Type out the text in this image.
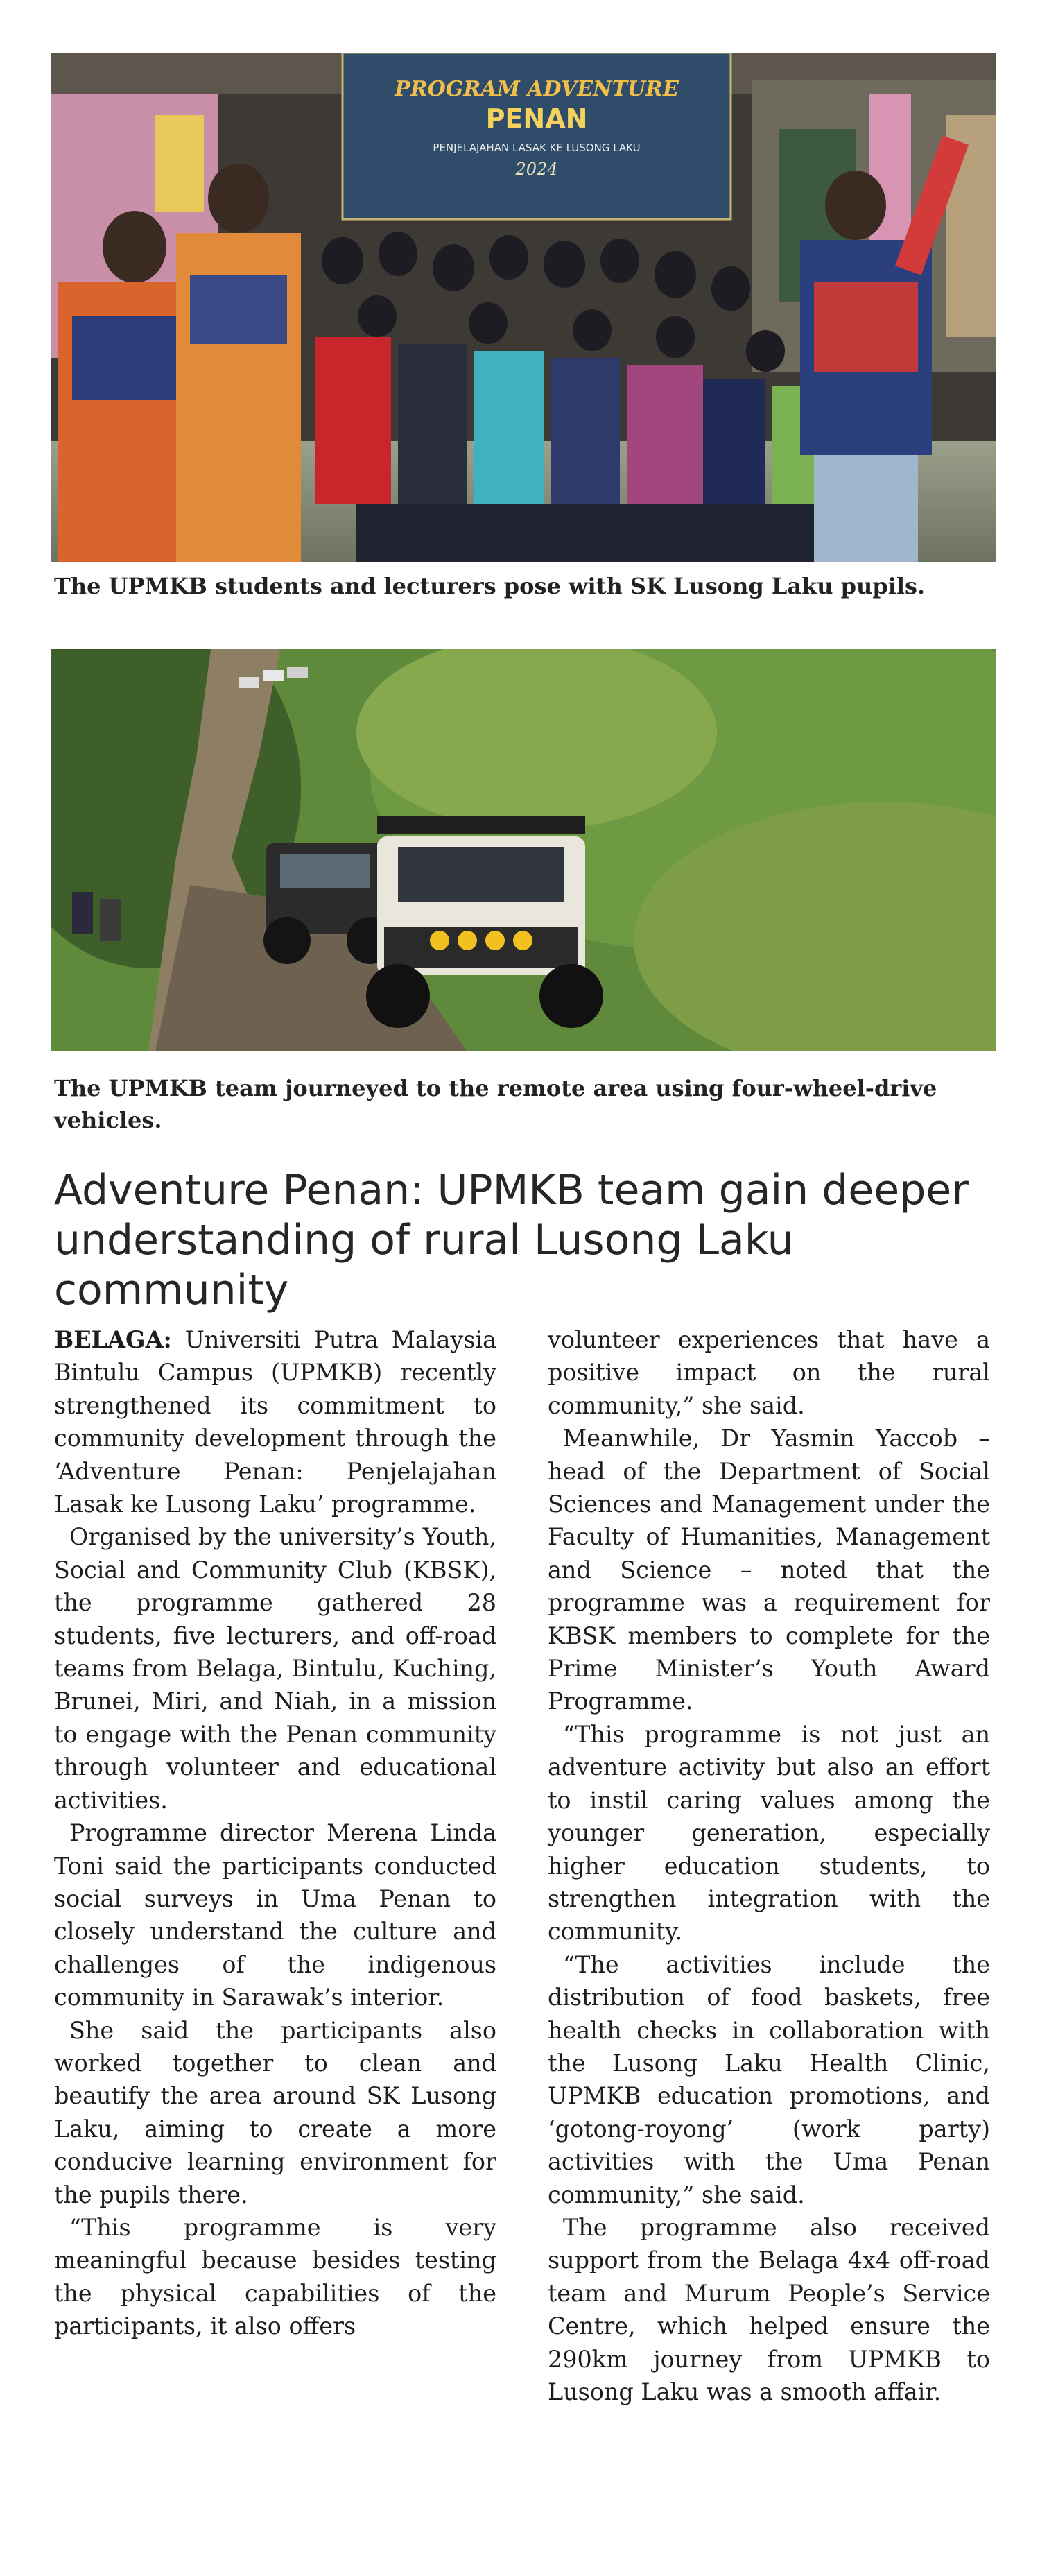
PROGRAM ADVENTURE
PENAN
PENJELAJAHAN LASAK KE LUSONG LAKU
2024

The UPMKB students and lecturers pose with SK Lusong Laku pupils.

The UPMKB team journeyed to the remote area using four-wheel-drive vehicles.

Adventure Penan: UPMKB team gain deeper understanding of rural Lusong Laku community

BELAGA: Universiti Putra Malaysia Bintulu Campus (UPMKB) recently strengthened its commitment to community development through the ‘Adventure Penan: Penjelajahan Lasak ke Lusong Laku’ programme.

Organised by the university’s Youth, Social and Community Club (KBSK), the programme gathered 28 students, five lecturers, and off-road teams from Belaga, Bintulu, Kuching, Brunei, Miri, and Niah, in a mission to engage with the Penan community through volunteer and educational activities.

Programme director Merena Linda Toni said the participants conducted social surveys in Uma Penan to closely understand the culture and challenges of the indigenous community in Sarawak’s interior.

She said the participants also worked together to clean and beautify the area around SK Lusong Laku, aiming to create a more conducive learning environment for the pupils there.

“This programme is very meaningful because besides testing the physical capabilities of the participants, it also offers

volunteer experiences that have a positive impact on the rural community,” she said.

Meanwhile, Dr Yasmin Yaccob – head of the Department of Social Sciences and Management under the Faculty of Humanities, Management and Science – noted that the programme was a requirement for KBSK members to complete for the Prime Minister’s Youth Award Programme.

“This programme is not just an adventure activity but also an effort to instil caring values among the younger generation, especially higher education students, to strengthen integration with the community.

“The activities include the distribution of food baskets, free health checks in collaboration with the Lusong Laku Health Clinic, UPMKB education promotions, and ‘gotong-royong’ (work party) activities with the Uma Penan community,” she said.

The programme also received support from the Belaga 4x4 off-road team and Murum People’s Service Centre, which helped ensure the 290km journey from UPMKB to Lusong Laku was a smooth affair.
